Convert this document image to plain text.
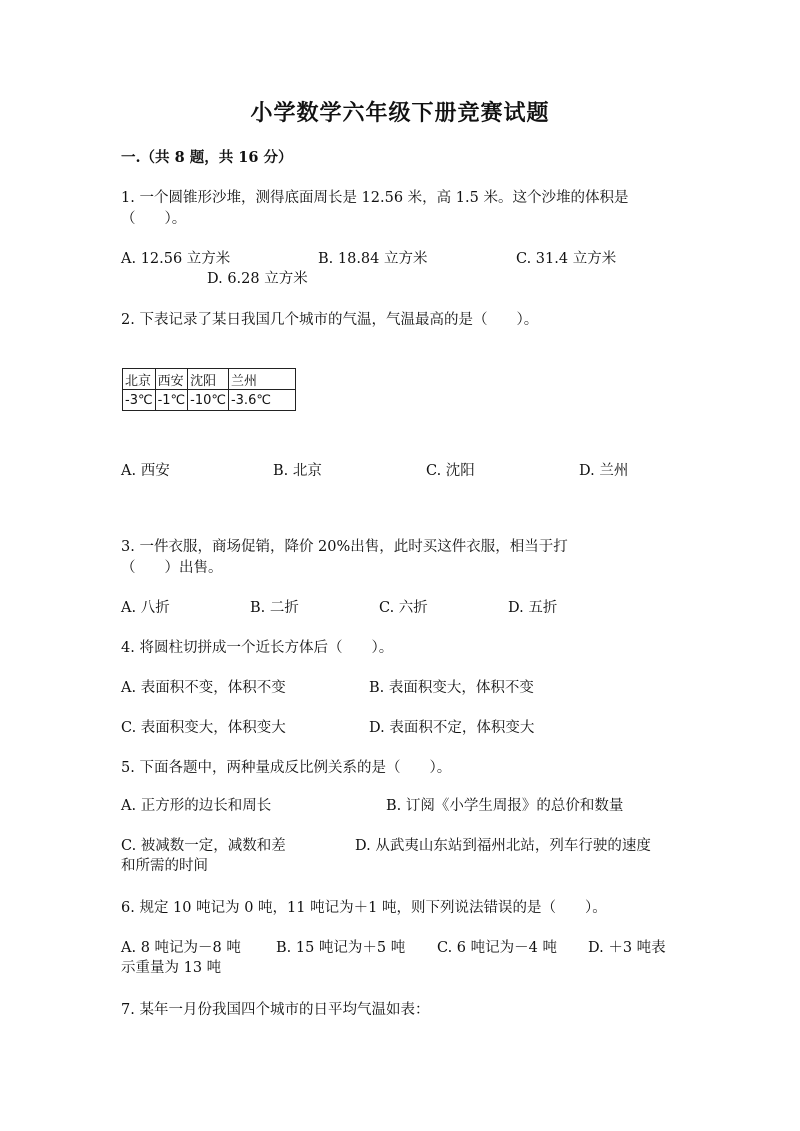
小学数学六年级下册竞赛试题
一.（共 8 题，共 16 分）
1. 一个圆锥形沙堆，测得底面周长是 12.56 米，高 1.5 米。这个沙堆的体积是
（　　）。
A. 12.56 立方米	B. 18.84 立方米	C. 31.4 立方米
D. 6.28 立方米
2. 下表记录了某日我国几个城市的气温，气温最高的是（　　）。
北京	西安	沈阳	兰州
-3℃	-1℃	-10℃	-3.6℃
A. 西安	B. 北京	C. 沈阳	D. 兰州
3. 一件衣服，商场促销，降价 20%出售，此时买这件衣服，相当于打
（　　）出售。
A. 八折	B. 二折	C. 六折	D. 五折
4. 将圆柱切拼成一个近长方体后（　　）。
A. 表面积不变，体积不变	B. 表面积变大，体积不变
C. 表面积变大，体积变大	D. 表面积不定，体积变大
5. 下面各题中，两种量成反比例关系的是（　　）。
A. 正方形的边长和周长	B. 订阅《小学生周报》的总价和数量
C. 被减数一定，减数和差	D. 从武夷山东站到福州北站，列车行驶的速度
和所需的时间
6. 规定 10 吨记为 0 吨，11 吨记为＋1 吨，则下列说法错误的是（　　）。
A. 8 吨记为－8 吨 B. 15 吨记为＋5 吨 C. 6 吨记为－4 吨 D. ＋3 吨表
示重量为 13 吨
7. 某年一月份我国四个城市的日平均气温如表：
